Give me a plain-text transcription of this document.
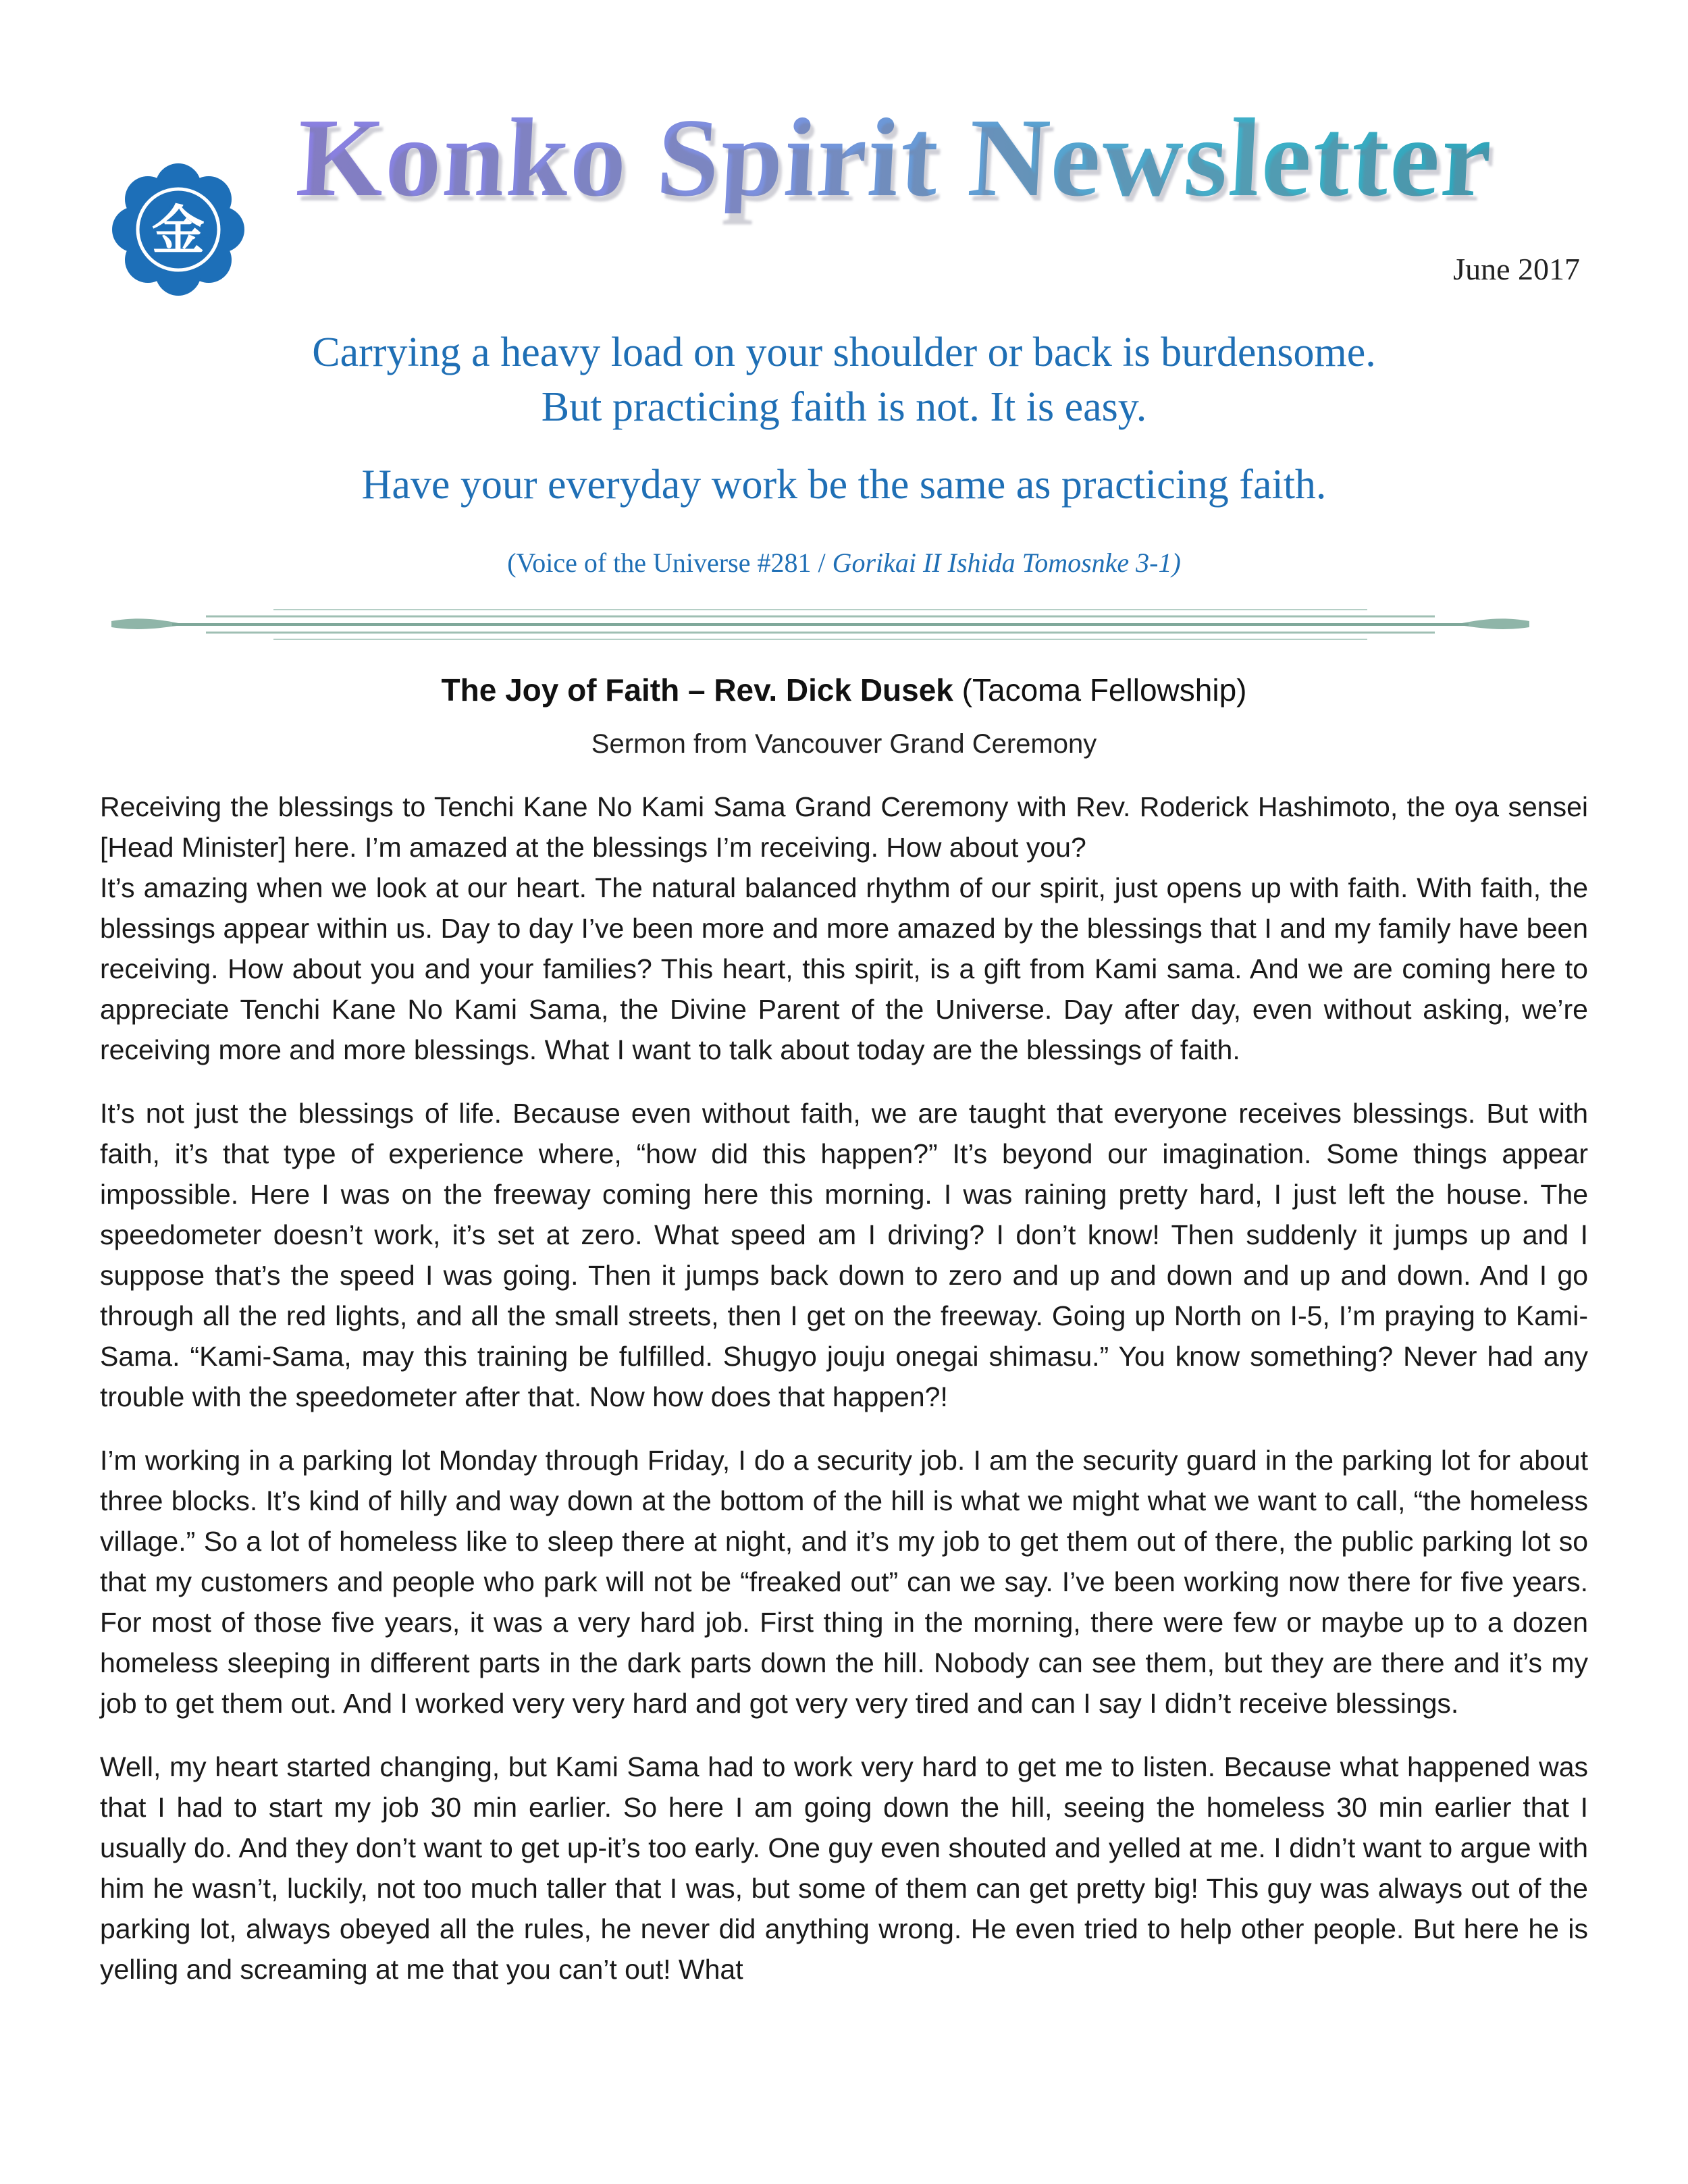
金
Konko Spirit Newsletter
June 2017
Carrying a heavy load on your shoulder or back is burdensome.
But practicing faith is not. It is easy.
Have your everyday work be the same as practicing faith.
(Voice of the Universe #281 / Gorikai II Ishida Tomosnke 3-1)
The Joy of Faith – Rev. Dick Dusek (Tacoma Fellowship)
Sermon from Vancouver Grand Ceremony

Receiving the blessings to Tenchi Kane No Kami Sama Grand Ceremony with Rev. Roderick Hashimoto, the oya sensei [Head Minister] here. I’m amazed at the blessings I’m receiving. How about you?

It’s amazing when we look at our heart. The natural balanced rhythm of our spirit, just opens up with faith. With faith, the blessings appear within us. Day to day I’ve been more and more amazed by the blessings that I and my family have been receiving. How about you and your families? This heart, this spirit, is a gift from Kami sama. And we are coming here to appreciate Tenchi Kane No Kami Sama, the Divine Parent of the Universe. Day after day, even without asking, we’re receiving more and more blessings. What I want to talk about today are the blessings of faith.

It’s not just the blessings of life. Because even without faith, we are taught that everyone receives blessings. But with faith, it’s that type of experience where, “how did this happen?” It’s beyond our imagination. Some things appear impossible. Here I was on the freeway coming here this morning. I was raining pretty hard, I just left the house. The speedometer doesn’t work, it’s set at zero. What speed am I driving? I don’t know! Then suddenly it jumps up and I suppose that’s the speed I was going. Then it jumps back down to zero and up and down and up and down. And I go through all the red lights, and all the small streets, then I get on the freeway. Going up North on I-5, I’m praying to Kami-Sama. “Kami-Sama, may this training be fulfilled. Shugyo jouju onegai shimasu.” You know something? Never had any trouble with the speedometer after that. Now how does that happen?!

I’m working in a parking lot Monday through Friday, I do a security job. I am the security guard in the parking lot for about three blocks. It’s kind of hilly and way down at the bottom of the hill is what we might what we want to call, “the homeless village.” So a lot of homeless like to sleep there at night, and it’s my job to get them out of there, the public parking lot so that my customers and people who park will not be “freaked out” can we say. I’ve been working now there for five years. For most of those five years, it was a very hard job. First thing in the morning, there were few or maybe up to a dozen homeless sleeping in different parts in the dark parts down the hill. Nobody can see them, but they are there and it’s my job to get them out. And I worked very very hard and got very very tired and can I say I didn’t receive blessings.

Well, my heart started changing, but Kami Sama had to work very hard to get me to listen. Because what happened was that I had to start my job 30 min earlier. So here I am going down the hill, seeing the homeless 30 min earlier that I usually do. And they don’t want to get up-it’s too early. One guy even shouted and yelled at me. I didn’t want to argue with him he wasn’t, luckily, not too much taller that I was, but some of them can get pretty big! This guy was always out of the parking lot, always obeyed all the rules, he never did anything wrong. He even tried to help other people. But here he is yelling and screaming at me that you can’t out! What
